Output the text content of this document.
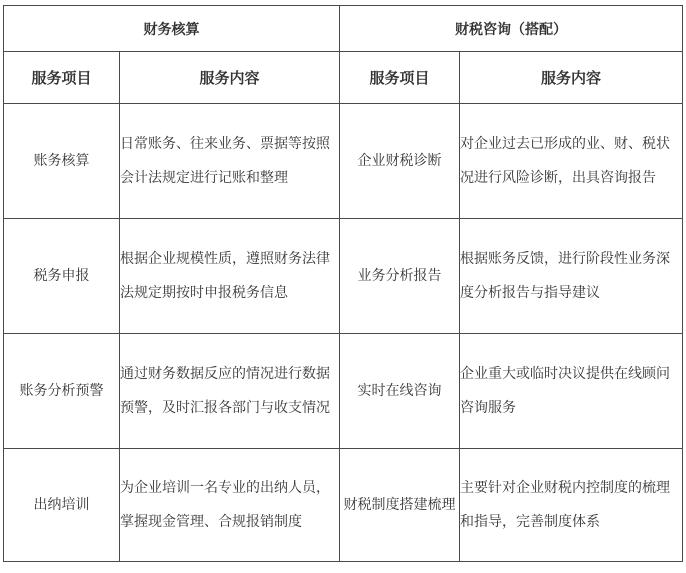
财务核算		财税咨询（搭配）	
服务项目	服务内容	服务项目	服务内容
账务核算	日常账务、往来业务、票据等按照会计法规定进行记账和整理	企业财税诊断	对企业过去已形成的业、财、税状况进行风险诊断，出具咨询报告
税务申报	根据企业规模性质，遵照财务法律法规定期按时申报税务信息	业务分析报告	根据账务反馈，进行阶段性业务深度分析报告与指导建议
账务分析预警	通过财务数据反应的情况进行数据预警，及时汇报各部门与收支情况	实时在线咨询	企业重大或临时决议提供在线顾问咨询服务
出纳培训	为企业培训一名专业的出纳人员，掌握现金管理、合规报销制度	财税制度搭建梳理	主要针对企业财税内控制度的梳理和指导，完善制度体系
